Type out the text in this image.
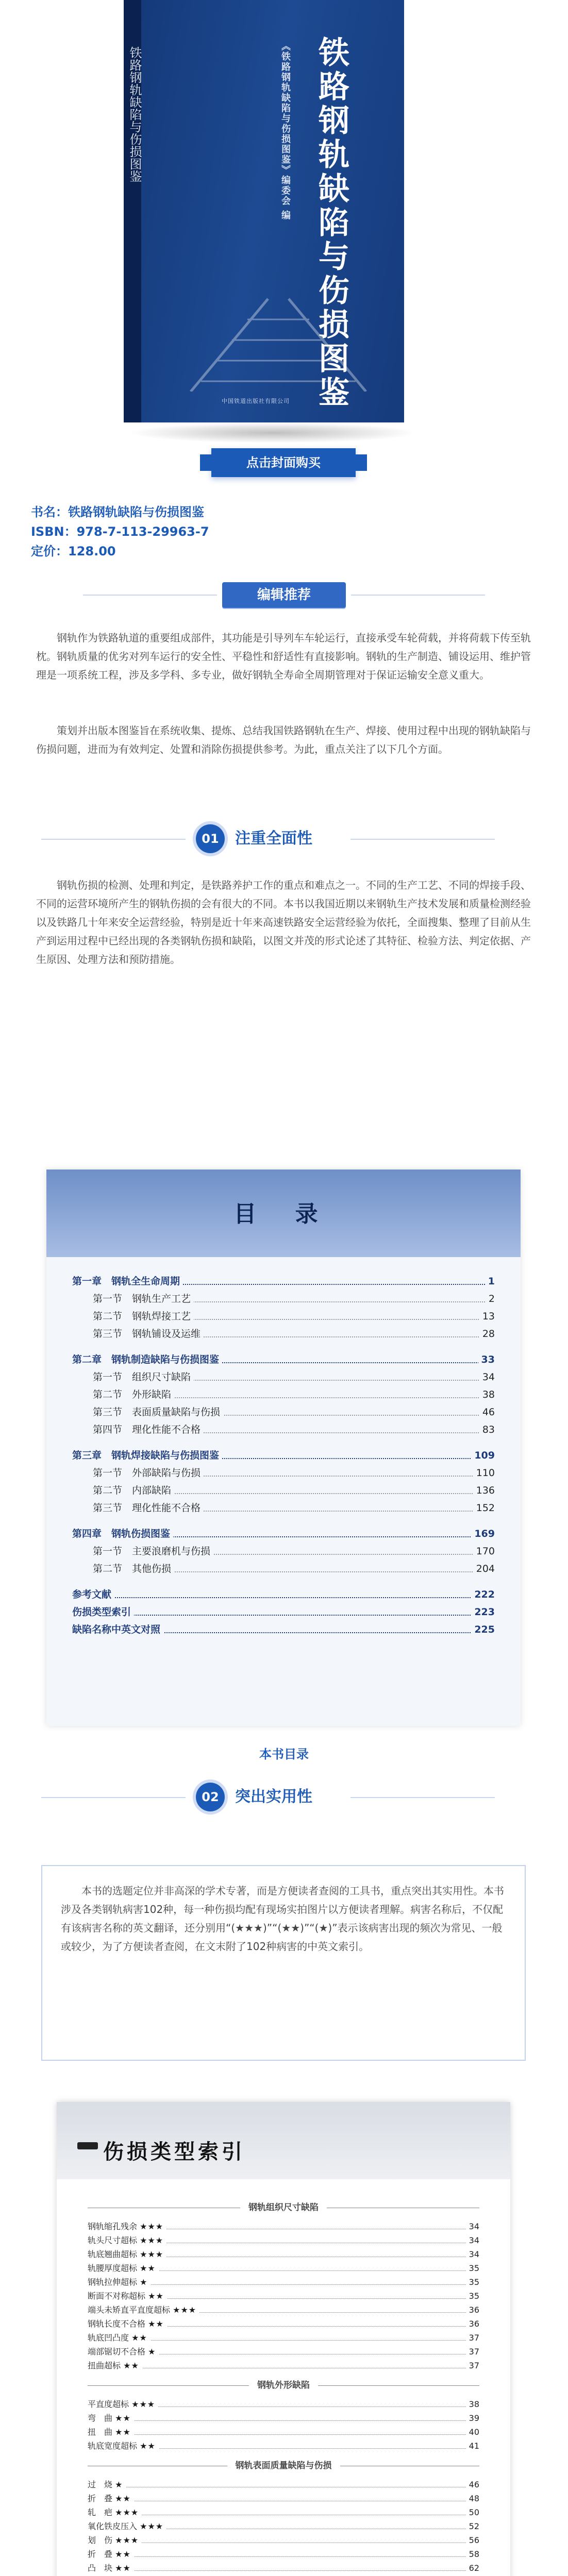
铁路钢轨缺陷与伤损图鉴
《铁路钢轨缺陷与伤损图鉴》编委会 编
中国铁道出版社有限公司
铁路钢轨缺陷与伤损图鉴
点击封面购买
书名：铁路钢轨缺陷与伤损图鉴
ISBN：978-7-113-29963-7
定价：128.00
编辑推荐

钢轨作为铁路轨道的重要组成部件，其功能是引导列车车轮运行，直接承受车轮荷载，并将荷载下传至轨枕。钢轨质量的优劣对列车运行的安全性、平稳性和舒适性有直接影响。钢轨的生产制造、铺设运用、维护管理是一项系统工程，涉及多学科、多专业，做好钢轨全寿命全周期管理对于保证运输安全意义重大。

策划并出版本图鉴旨在系统收集、提炼、总结我国铁路钢轨在生产、焊接、使用过程中出现的钢轨缺陷与伤损问题，进而为有效判定、处置和消除伤损提供参考。为此，重点关注了以下几个方面。

01	注重全面性

钢轨伤损的检测、处理和判定，是铁路养护工作的重点和难点之一。不同的生产工艺、不同的焊接手段、不同的运营环境所产生的钢轨伤损的会有很大的不同。本书以我国近期以来钢轨生产技术发展和质量检测经验以及铁路几十年来安全运营经验，特别是近十年来高速铁路安全运营经验为依托，全面搜集、整理了目前从生产到运用过程中已经出现的各类钢轨伤损和缺陷，以图文并茂的形式论述了其特征、检验方法、判定依据、产生原因、处理方法和预防措施。

目 录
第一章　钢轨全生命周期	1
第一节　钢轨生产工艺	2
第二节　钢轨焊接工艺	13
第三节　钢轨铺设及运维	28
第二章　钢轨制造缺陷与伤损图鉴	33
第一节　组织尺寸缺陷	34
第二节　外形缺陷	38
第三节　表面质量缺陷与伤损	46
第四节　理化性能不合格	83
第三章　钢轨焊接缺陷与伤损图鉴	109
第一节　外部缺陷与伤损	110
第二节　内部缺陷	136
第三节　理化性能不合格	152
第四章　钢轨伤损图鉴	169
第一节　主要浪磨机与伤损	170
第二节　其他伤损	204
参考文献	222
伤损类型索引	223
缺陷名称中英文对照	225
本书目录
02	突出实用性

本书的选题定位并非高深的学术专著，而是方便读者查阅的工具书，重点突出其实用性。本书涉及各类钢轨病害102种，每一种伤损均配有现场实拍图片以方便读者理解。病害名称后，不仅配有该病害名称的英文翻译，还分别用“(★★★)”“(★★)”“(★)”表示该病害出现的频次为常见、一般或较少，为了方便读者查阅，在文末附了102种病害的中英文索引。

伤损类型索引
钢轨组织尺寸缺陷
钢轨缩孔残余 ★★★	34
轨头尺寸超标 ★★★	34
轨底翘曲超标 ★★★	34
轨腰厚度超标 ★★	35
钢轨拉伸超标 ★	35
断面不对称超标 ★★	35
端头未矫直平直度超标 ★★★	36
钢轨长度不合格 ★★	36
轨底凹凸度 ★★	37
端部锯切不合格 ★	37
扭曲超标 ★★	37
钢轨外形缺陷
平直度超标 ★★★	38
弯　曲 ★★	39
扭　曲 ★★	40
轨底宽度超标 ★★	41
钢轨表面质量缺陷与伤损
过　烧 ★	46
折　叠 ★★	48
轧　疤 ★★★	50
氧化铁皮压入 ★★★	52
划　伤 ★★★	56
折　叠 ★★	58
凸　块 ★★	62
